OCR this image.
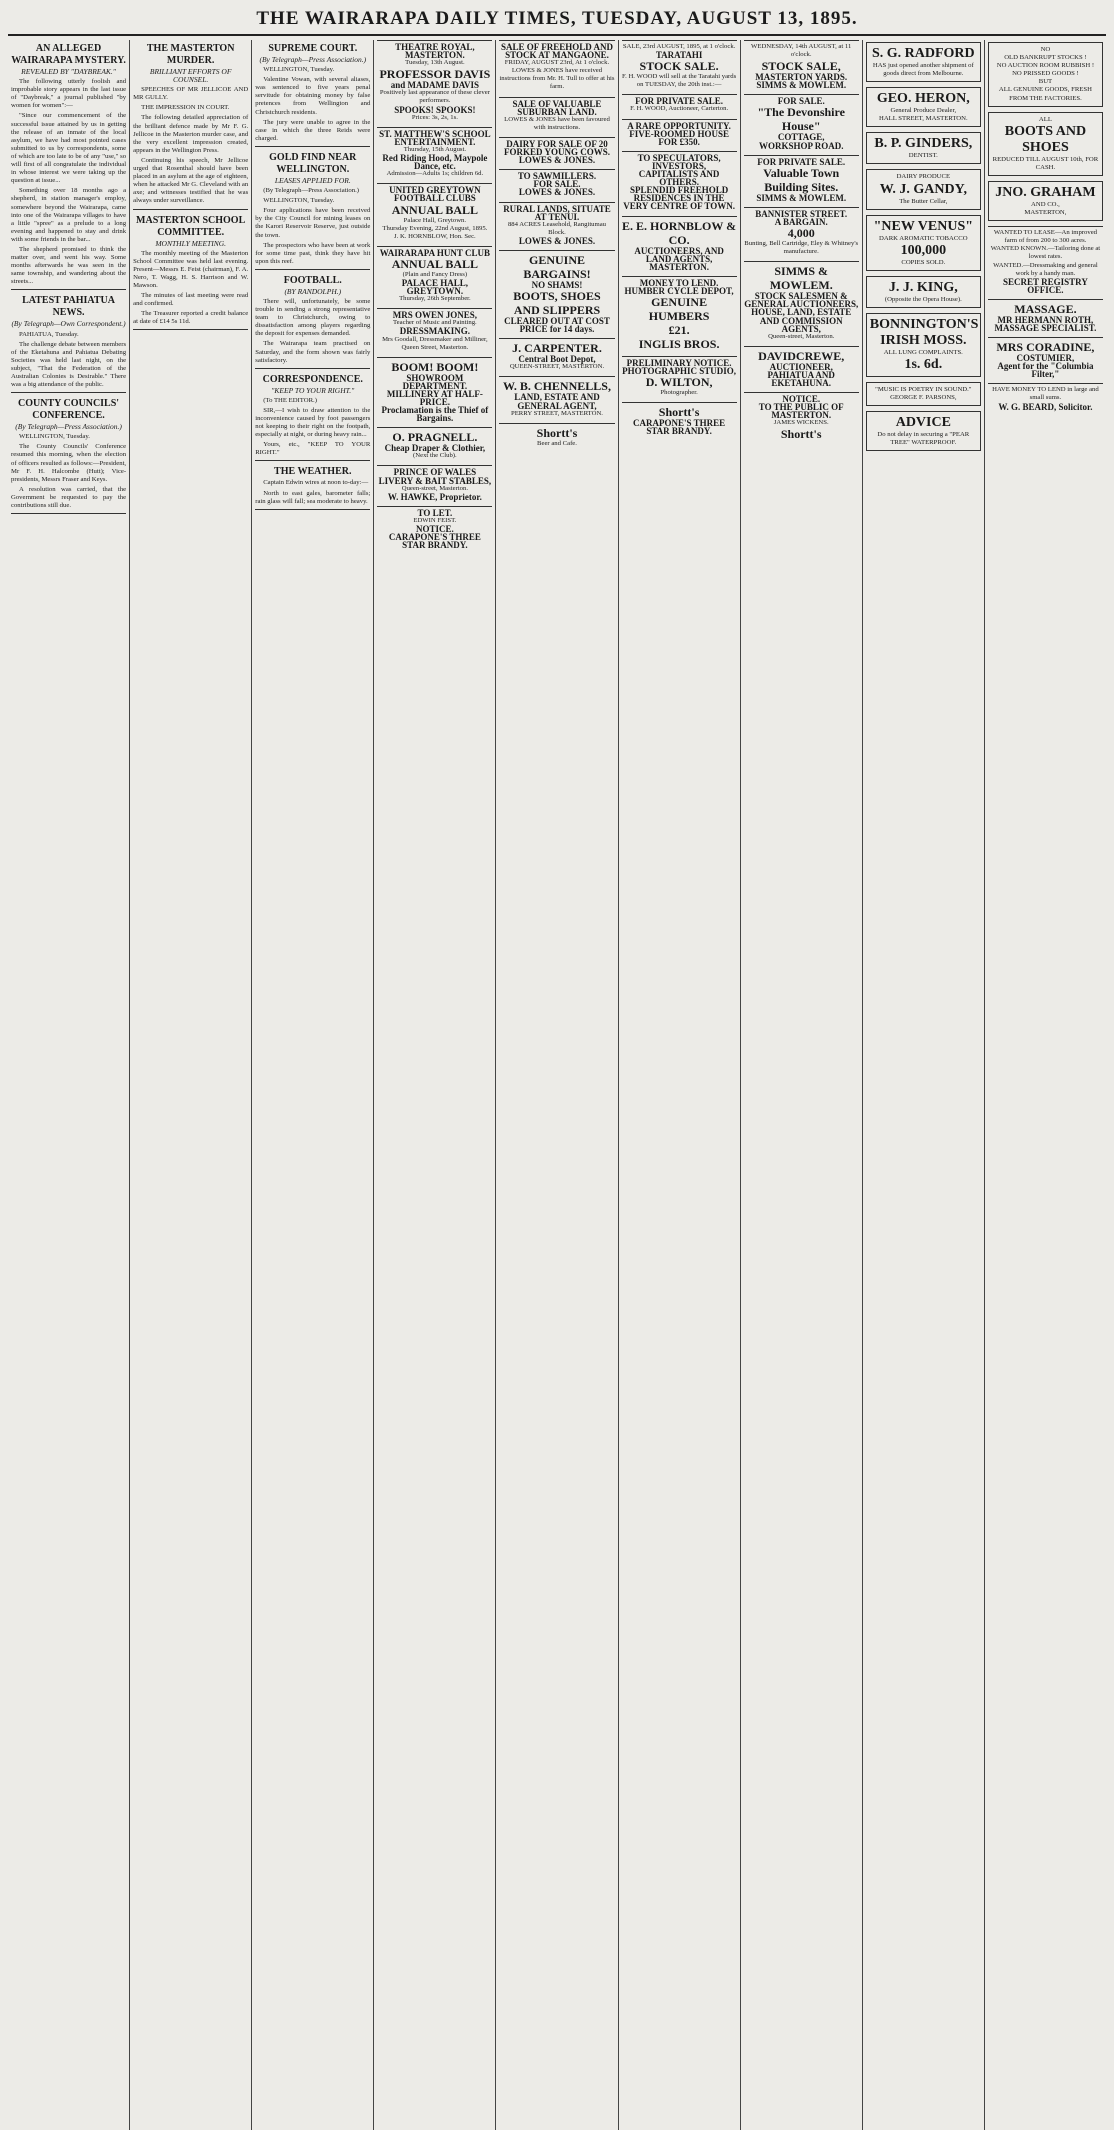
THE WAIRARAPA DAILY TIMES, TUESDAY, AUGUST 13, 1895.
AN ALLEGED WAIRARAPA MYSTERY.
REVEALED BY "DAYBREAK."

The following utterly foolish and improbable story appears in the last issue of "Daybreak," a journal published "by women for women":—

"Since our commencement of the successful issue attained by us in getting the release of an inmate of the local asylum, we have had most pointed cases submitted to us by correspondents, some of which are too late to be of any "use," so will first of all congratulate the individual in whose interest we were taking up the question at issue...

Something over 18 months ago a shepherd, in station manager's employ, somewhere beyond the Wairarapa, came into one of the Wairarapa villages to have a little "spree" as a prelude to a long evening and happened to stay and drink with some friends in the bar...

The shepherd promised to think the matter over, and went his way. Some months afterwards he was seen in the same township, and wandering about the streets...

LATEST PAHIATUA NEWS.
(By Telegraph—Own Correspondent.)

PAHIATUA, Tuesday.

The challenge debate between members of the Eketahuna and Pahiatua Debating Societies was held last night, on the subject, "That the Federation of the Australian Colonies is Desirable." There was a big attendance of the public.

COUNTY COUNCILS' CONFERENCE.
(By Telegraph—Press Association.)

WELLINGTON, Tuesday.

The County Councils' Conference resumed this morning, when the election of officers resulted as follows:—President, Mr F. H. Halcombe (Hutt); Vice-presidents, Messrs Fraser and Keys.

A resolution was carried, that the Government be requested to pay the contributions still due.

THE MASTERTON MURDER.
BRILLIANT EFFORTS OF COUNSEL.

SPEECHES OF MR JELLICOE AND MR GULLY.

THE IMPRESSION IN COURT.

The following detailed appreciation of the brilliant defence made by Mr F. G. Jellicoe in the Masterton murder case, and the very excellent impression created, appears in the Wellington Press.

Continuing his speech, Mr Jellicoe urged that Rosenthal should have been placed in an asylum at the age of eighteen, when he attacked Mr G. Cleveland with an axe; and witnesses testified that he was always under surveillance.

MASTERTON SCHOOL COMMITTEE.
MONTHLY MEETING.

The monthly meeting of the Masterton School Committee was held last evening. Present—Messrs E. Feist (chairman), F. A. Nero, T. Wagg, H. S. Harrison and W. Mawson.

The minutes of last meeting were read and confirmed.

The Treasurer reported a credit balance at date of £14 5s 11d.

SUPREME COURT.
(By Telegraph—Press Association.)

WELLINGTON, Tuesday.

Valentine Vowan, with several aliases, was sentenced to five years penal servitude for obtaining money by false pretences from Wellington and Christchurch residents.

The jury were unable to agree in the case in which the three Reids were charged.

GOLD FIND NEAR WELLINGTON.
LEASES APPLIED FOR.

(By Telegraph—Press Association.)

WELLINGTON, Tuesday.

Four applications have been received by the City Council for mining leases on the Karori Reservoir Reserve, just outside the town.

The prospectors who have been at work for some time past, think they have hit upon this reef.

FOOTBALL.
(BY RANDOLPH.)

There will, unfortunately, be some trouble in sending a strong representative team to Christchurch, owing to dissatisfaction among players regarding the deposit for expenses demanded.

The Wairarapa team practised on Saturday, and the form shown was fairly satisfactory.

CORRESPONDENCE.
"KEEP TO YOUR RIGHT."

(To THE EDITOR.)

SIR,—I wish to draw attention to the inconvenience caused by foot passengers not keeping to their right on the footpath, especially at night, or during heavy rain...

Yours, etc., "KEEP TO YOUR RIGHT."

THE WEATHER.

Captain Edwin wires at noon to-day:—

North to east gales, barometer falls; rain glass will fall; sea moderate to heavy.

THEATRE ROYAL, MASTERTON.
Tuesday, 13th August.
PROFESSOR DAVIS
and MADAME DAVIS
Positively last appearance of these clever performers.
SPOOKS! SPOOKS!
Prices: 3s, 2s, 1s.
ST. MATTHEW'S SCHOOL ENTERTAINMENT.
Thursday, 15th August.
Red Riding Hood, Maypole Dance, etc.
Admission—Adults 1s; children 6d.
UNITED GREYTOWN FOOTBALL CLUBS
ANNUAL BALL
Palace Hall, Greytown.
Thursday Evening, 22nd August, 1895.
J. K. HORNBLOW, Hon. Sec.
WAIRARAPA HUNT CLUB
ANNUAL BALL
(Plain and Fancy Dress)
PALACE HALL, GREYTOWN.
Thursday, 26th September.
MRS OWEN JONES,
Teacher of Music and Painting.
DRESSMAKING.
Mrs Goodall, Dressmaker and Milliner, Queen Street, Masterton.
BOOM! BOOM!
SHOWROOM DEPARTMENT.
MILLINERY AT HALF-PRICE.
Proclamation is the Thief of Bargains.
O. PRAGNELL.
Cheap Draper & Clothier,
(Next the Club).
PRINCE OF WALES
LIVERY & BAIT STABLES,
Queen-street, Masterton.
W. HAWKE, Proprietor.
TO LET.
EDWIN FEIST.
NOTICE.
CARAPONE'S THREE STAR BRANDY.
SALE OF FREEHOLD AND STOCK AT MANGAONE.
FRIDAY, AUGUST 23rd, At 1 o'clock.
LOWES & JONES have received instructions from Mr. H. Tull to offer at his farm.
SALE OF VALUABLE SUBURBAN LAND.
LOWES & JONES have been favoured with instructions.
DAIRY FOR SALE OF 20 FORKED YOUNG COWS.
LOWES & JONES.
TO SAWMILLERS.
FOR SALE.
LOWES & JONES.
RURAL LANDS, SITUATE AT TENUI.
884 ACRES Leasehold, Rangitumau Block.
LOWES & JONES.
GENUINE BARGAINS!
NO SHAMS!
BOOTS, SHOES AND SLIPPERS
CLEARED OUT AT COST PRICE for 14 days.
J. CARPENTER.
Central Boot Depot,
QUEEN-STREET, MASTERTON.
W. B. CHENNELLS,
LAND, ESTATE AND GENERAL AGENT,
PERRY STREET, MASTERTON.
Shortt's
Beer and Cafe.
SALE, 23rd AUGUST, 1895, at 1 o'clock.
TARATAHI
STOCK SALE.
F. H. WOOD will sell at the Taratahi yards on TUESDAY, the 20th inst.:—
FOR PRIVATE SALE.
F. H. WOOD, Auctioneer, Carterton.
A RARE OPPORTUNITY.
FIVE-ROOMED HOUSE FOR £350.
TO SPECULATORS, INVESTORS, CAPITALISTS AND OTHERS.
SPLENDID FREEHOLD RESIDENCES IN THE VERY CENTRE OF TOWN.
E. E. HORNBLOW & CO.
AUCTIONEERS, AND LAND AGENTS, MASTERTON.
MONEY TO LEND.
HUMBER CYCLE DEPOT,
GENUINE HUMBERS
£21.
INGLIS BROS.
PRELIMINARY NOTICE.
PHOTOGRAPHIC STUDIO,
D. WILTON,
Photographer.
Shortt's
CARAPONE'S THREE STAR BRANDY.
WEDNESDAY, 14th AUGUST, at 11 o'clock.
STOCK SALE,
MASTERTON YARDS.
SIMMS & MOWLEM.
FOR SALE.
"The Devonshire House"
COTTAGE,
WORKSHOP ROAD.
FOR PRIVATE SALE.
Valuable Town Building Sites.
SIMMS & MOWLEM.
BANNISTER STREET.
A BARGAIN.
4,000
Bunting, Bell Cartridge, Eley & Whitney's manufacture.
SIMMS & MOWLEM.
STOCK SALESMEN & GENERAL AUCTIONEERS,
HOUSE, LAND, ESTATE AND COMMISSION AGENTS,
Queen-street, Masterton.
DAVIDCREWE,
AUCTIONEER,
PAHIATUA AND EKETAHUNA.
NOTICE.
TO THE PUBLIC OF MASTERTON.
JAMES WICKENS.
Shortt's
S. G. RADFORD
HAS just opened another shipment of goods direct from Melbourne.
GEO. HERON,
General Produce Dealer,
HALL STREET, MASTERTON.
B. P. GINDERS,
DENTIST.
DAIRY PRODUCE
W. J. GANDY,
The Butter Cellar,
"NEW VENUS"
DARK AROMATIC TOBACCO
100,000
COPIES SOLD.
J. J. KING,
(Opposite the Opera House).
BONNINGTON'S
IRISH MOSS.
ALL LUNG COMPLAINTS.
1s. 6d.
"MUSIC IS POETRY IN SOUND."
GEORGE F. PARSONS,
ADVICE
Do not delay in securing a "PEAR TREE" WATERPROOF.
NO
OLD BANKRUPT STOCKS !
NO AUCTION ROOM RUBBISH !
NO PRISSED GOODS !
BUT
ALL GENUINE GOODS, FRESH FROM THE FACTORIES.
ALL
BOOTS AND SHOES
REDUCED TILL AUGUST 10th, FOR CASH.
JNO. GRAHAM
AND CO.,
MASTERTON,
WANTED TO LEASE—An improved farm of from 200 to 300 acres.
WANTED KNOWN.—Tailoring done at lowest rates.
WANTED.—Dressmaking and general work by a handy man.
SECRET REGISTRY OFFICE.
MASSAGE.
MR HERMANN ROTH,
MASSAGE SPECIALIST.
MRS CORADINE,
COSTUMIER,
Agent for the "Columbia Filter,"
HAVE MONEY TO LEND in large and small sums.
W. G. BEARD, Solicitor.
